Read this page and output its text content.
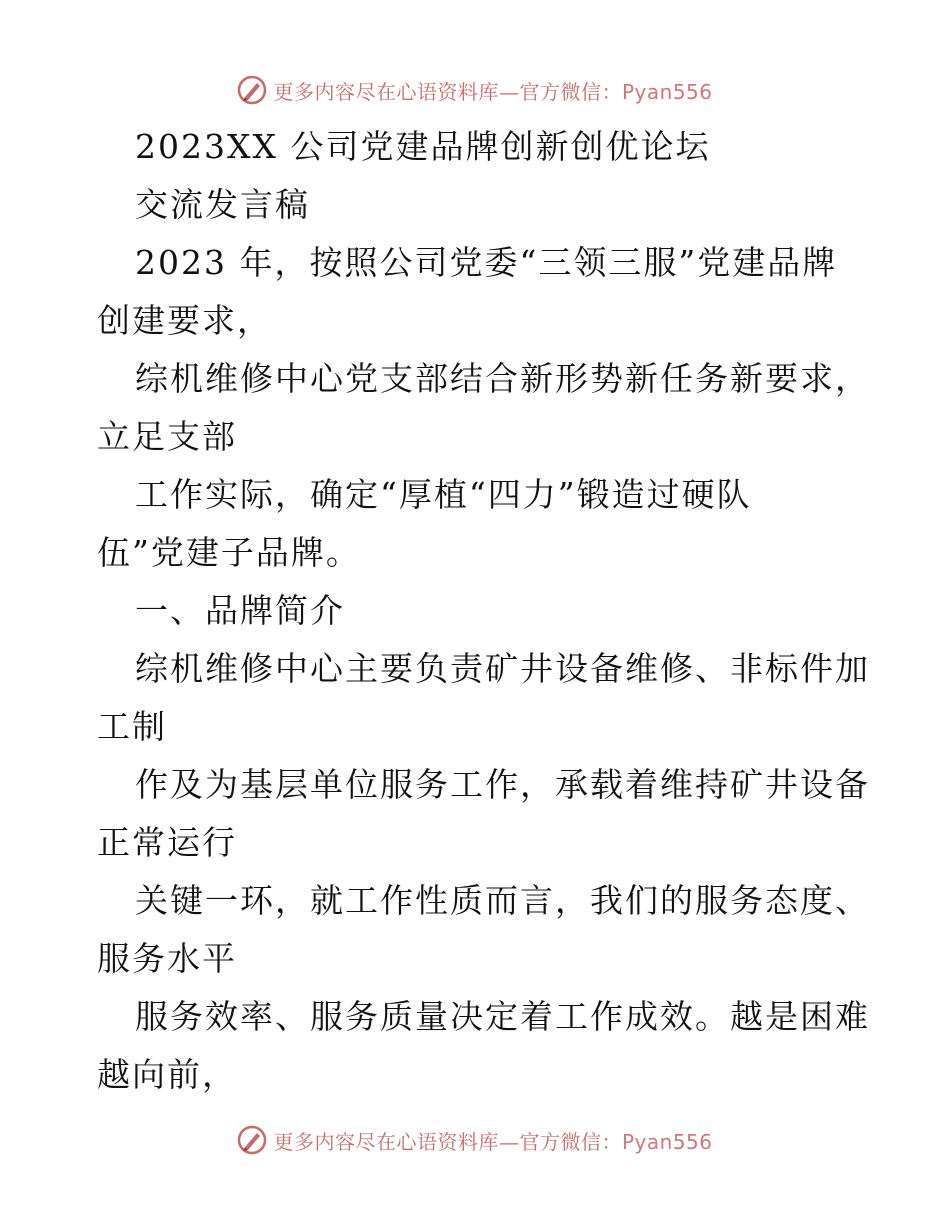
更多内容尽在心语资料库—官方微信：Pyan556
2023XX 公司党建品牌创新创优论坛
交流发言稿
2023 年，按照公司党委“三领三服”党建品牌
创建要求，
综机维修中心党支部结合新形势新任务新要求，
立足支部
工作实际，确定“厚植“四力”锻造过硬队
伍”党建子品牌。
一、品牌简介
综机维修中心主要负责矿井设备维修、非标件加
工制
作及为基层单位服务工作，承载着维持矿井设备
正常运行
关键一环，就工作性质而言，我们的服务态度、
服务水平
服务效率、服务质量决定着工作成效。越是困难
越向前，
更多内容尽在心语资料库—官方微信：Pyan556
